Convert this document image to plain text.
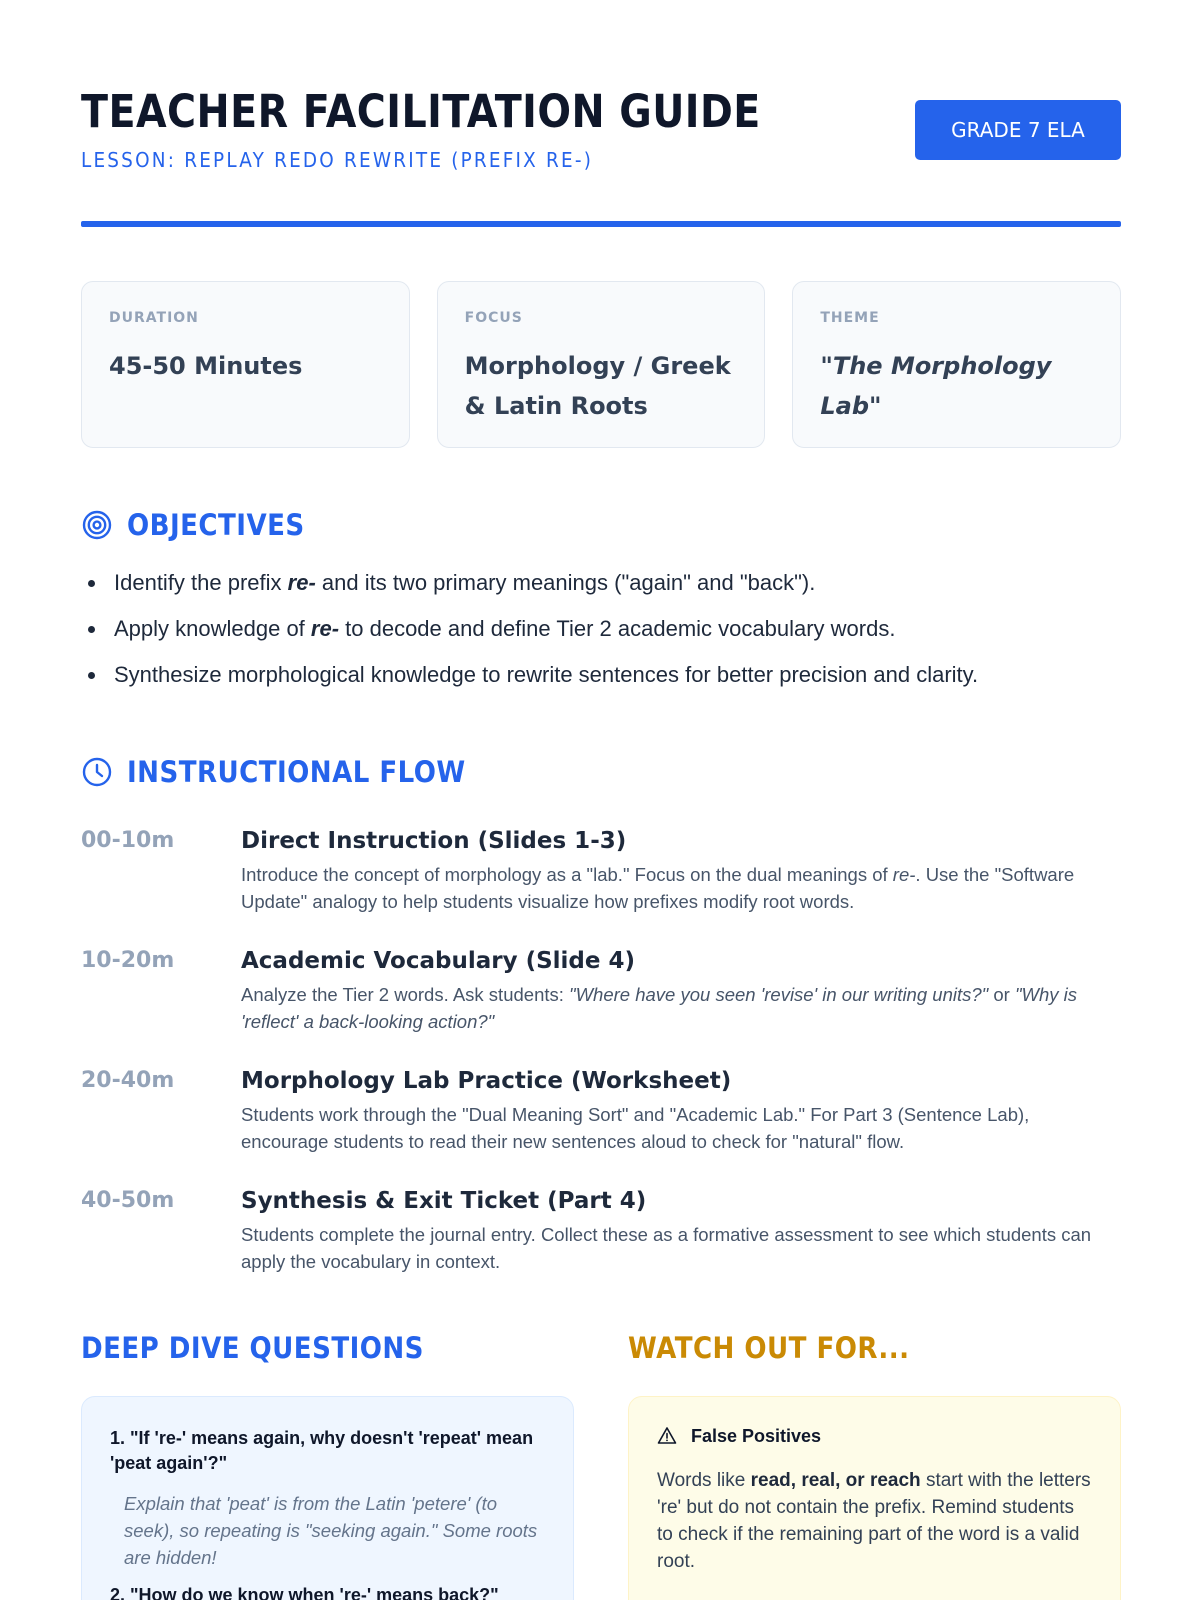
TEACHER FACILITATION GUIDE
LESSON: REPLAY REDO REWRITE (PREFIX RE-)
GRADE 7 ELA
DURATION
45-50 Minutes
FOCUS
Morphology / Greek & Latin Roots
THEME
"The Morphology Lab"
OBJECTIVES
Identify the prefix re- and its two primary meanings ("again" and "back").
Apply knowledge of re- to decode and define Tier 2 academic vocabulary words.
Synthesize morphological knowledge to rewrite sentences for better precision and clarity.
INSTRUCTIONAL FLOW
00-10m	Direct Instruction (Slides 1-3)
Introduce the concept of morphology as a "lab." Focus on the dual meanings of re-. Use the "Software Update" analogy to help students visualize how prefixes modify root words.
10-20m	Academic Vocabulary (Slide 4)
Analyze the Tier 2 words. Ask students: "Where have you seen 'revise' in our writing units?" or "Why is 'reflect' a back-looking action?"
20-40m	Morphology Lab Practice (Worksheet)
Students work through the "Dual Meaning Sort" and "Academic Lab." For Part 3 (Sentence Lab), encourage students to read their new sentences aloud to check for "natural" flow.
40-50m	Synthesis & Exit Ticket (Part 4)
Students complete the journal entry. Collect these as a formative assessment to see which students can apply the vocabulary in context.
DEEP DIVE QUESTIONS	WATCH OUT FOR...
1. "If 're-' means again, why doesn't 'repeat' mean 'peat again'?"
Explain that 'peat' is from the Latin 'petere' (to seek), so repeating is "seeking again." Some roots are hidden!
2. "How do we know when 're-' means back?"
False Positives
Words like read, real, or reach start with the letters 're' but do not contain the prefix. Remind students to check if the remaining part of the word is a valid root.
